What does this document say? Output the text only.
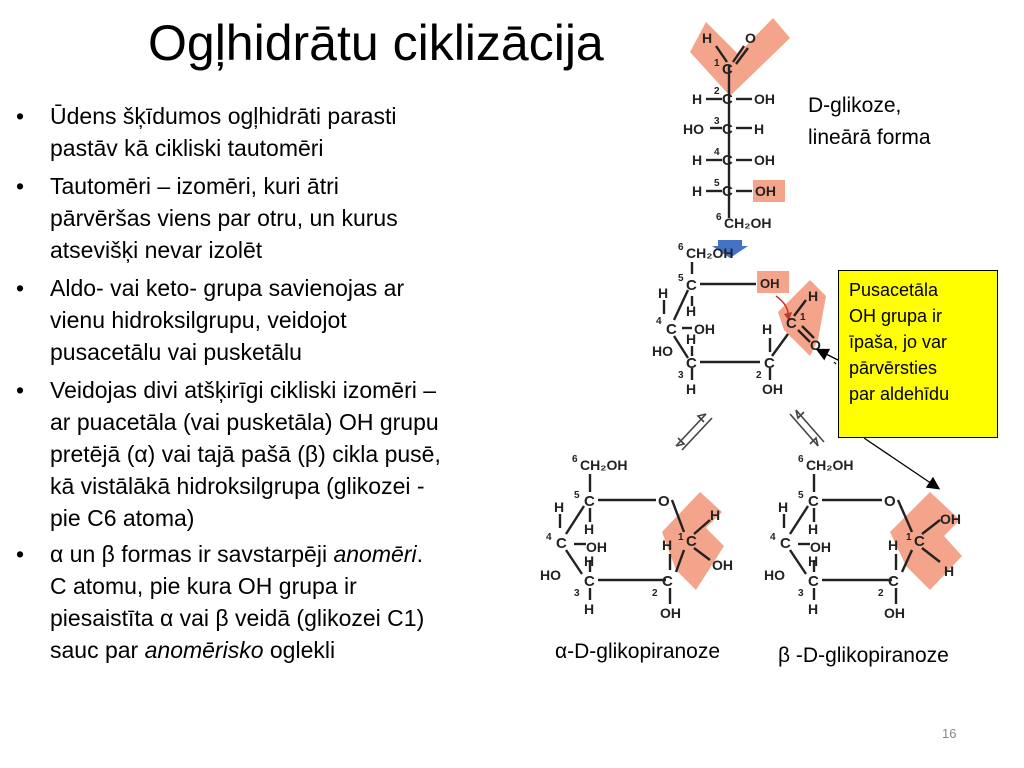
Ogļhidrātu ciklizācija
• Ūdens šķīdumos ogļhidrāti parasti
pastāv kā cikliski tautomēri
• Tautomēri – izomēri, kuri ātri
pārvēršas viens par otru, un kurus
atsevišķi nevar izolēt
• Aldo- vai keto- grupa savienojas ar
vienu hidroksilgrupu, veidojot
pusacetālu vai pusketālu
• Veidojas divi atšķirīgi cikliski izomēri –
ar puacetāla (vai pusketāla) OH grupu
pretējā (α) vai tajā pašā (β) cikla pusē,
kā vistālākā hidroksilgrupa (glikozei -
pie C6 atoma)
• α un β formas ir savstarpēji anomēri.
C atomu, pie kura OH grupa ir
piesaistīta α vai β veidā (glikozei C1)
sauc par anomērisko oglekli
D-glikoze,
lineārā forma
α-D-glikopiranoze	β -D-glikopiranoze
Pusacetāla
OH grupa ir
īpaša, jo var
pārvērsties
par aldehīdu
16
H O
C
1
H C
2 OH
HO C
3 H
H C
4 OH
H C
5	OH
CH₂OH
6
CH₂OH
6
C
5	OH
H
H
C
4 OH
HO
H
C
3
H
H
C
2
OH
C 1
H
O
CH₂OH
6
C
5	O
H
H
C
4
OH
HO
H
C
3
H
H
C
2
OH
C
1
H
OH
CH₂OH
6
C
5	O
H
H
C
4
OH
HO
H
C
3
H
H
C
2
OH
C
1
OH
H
